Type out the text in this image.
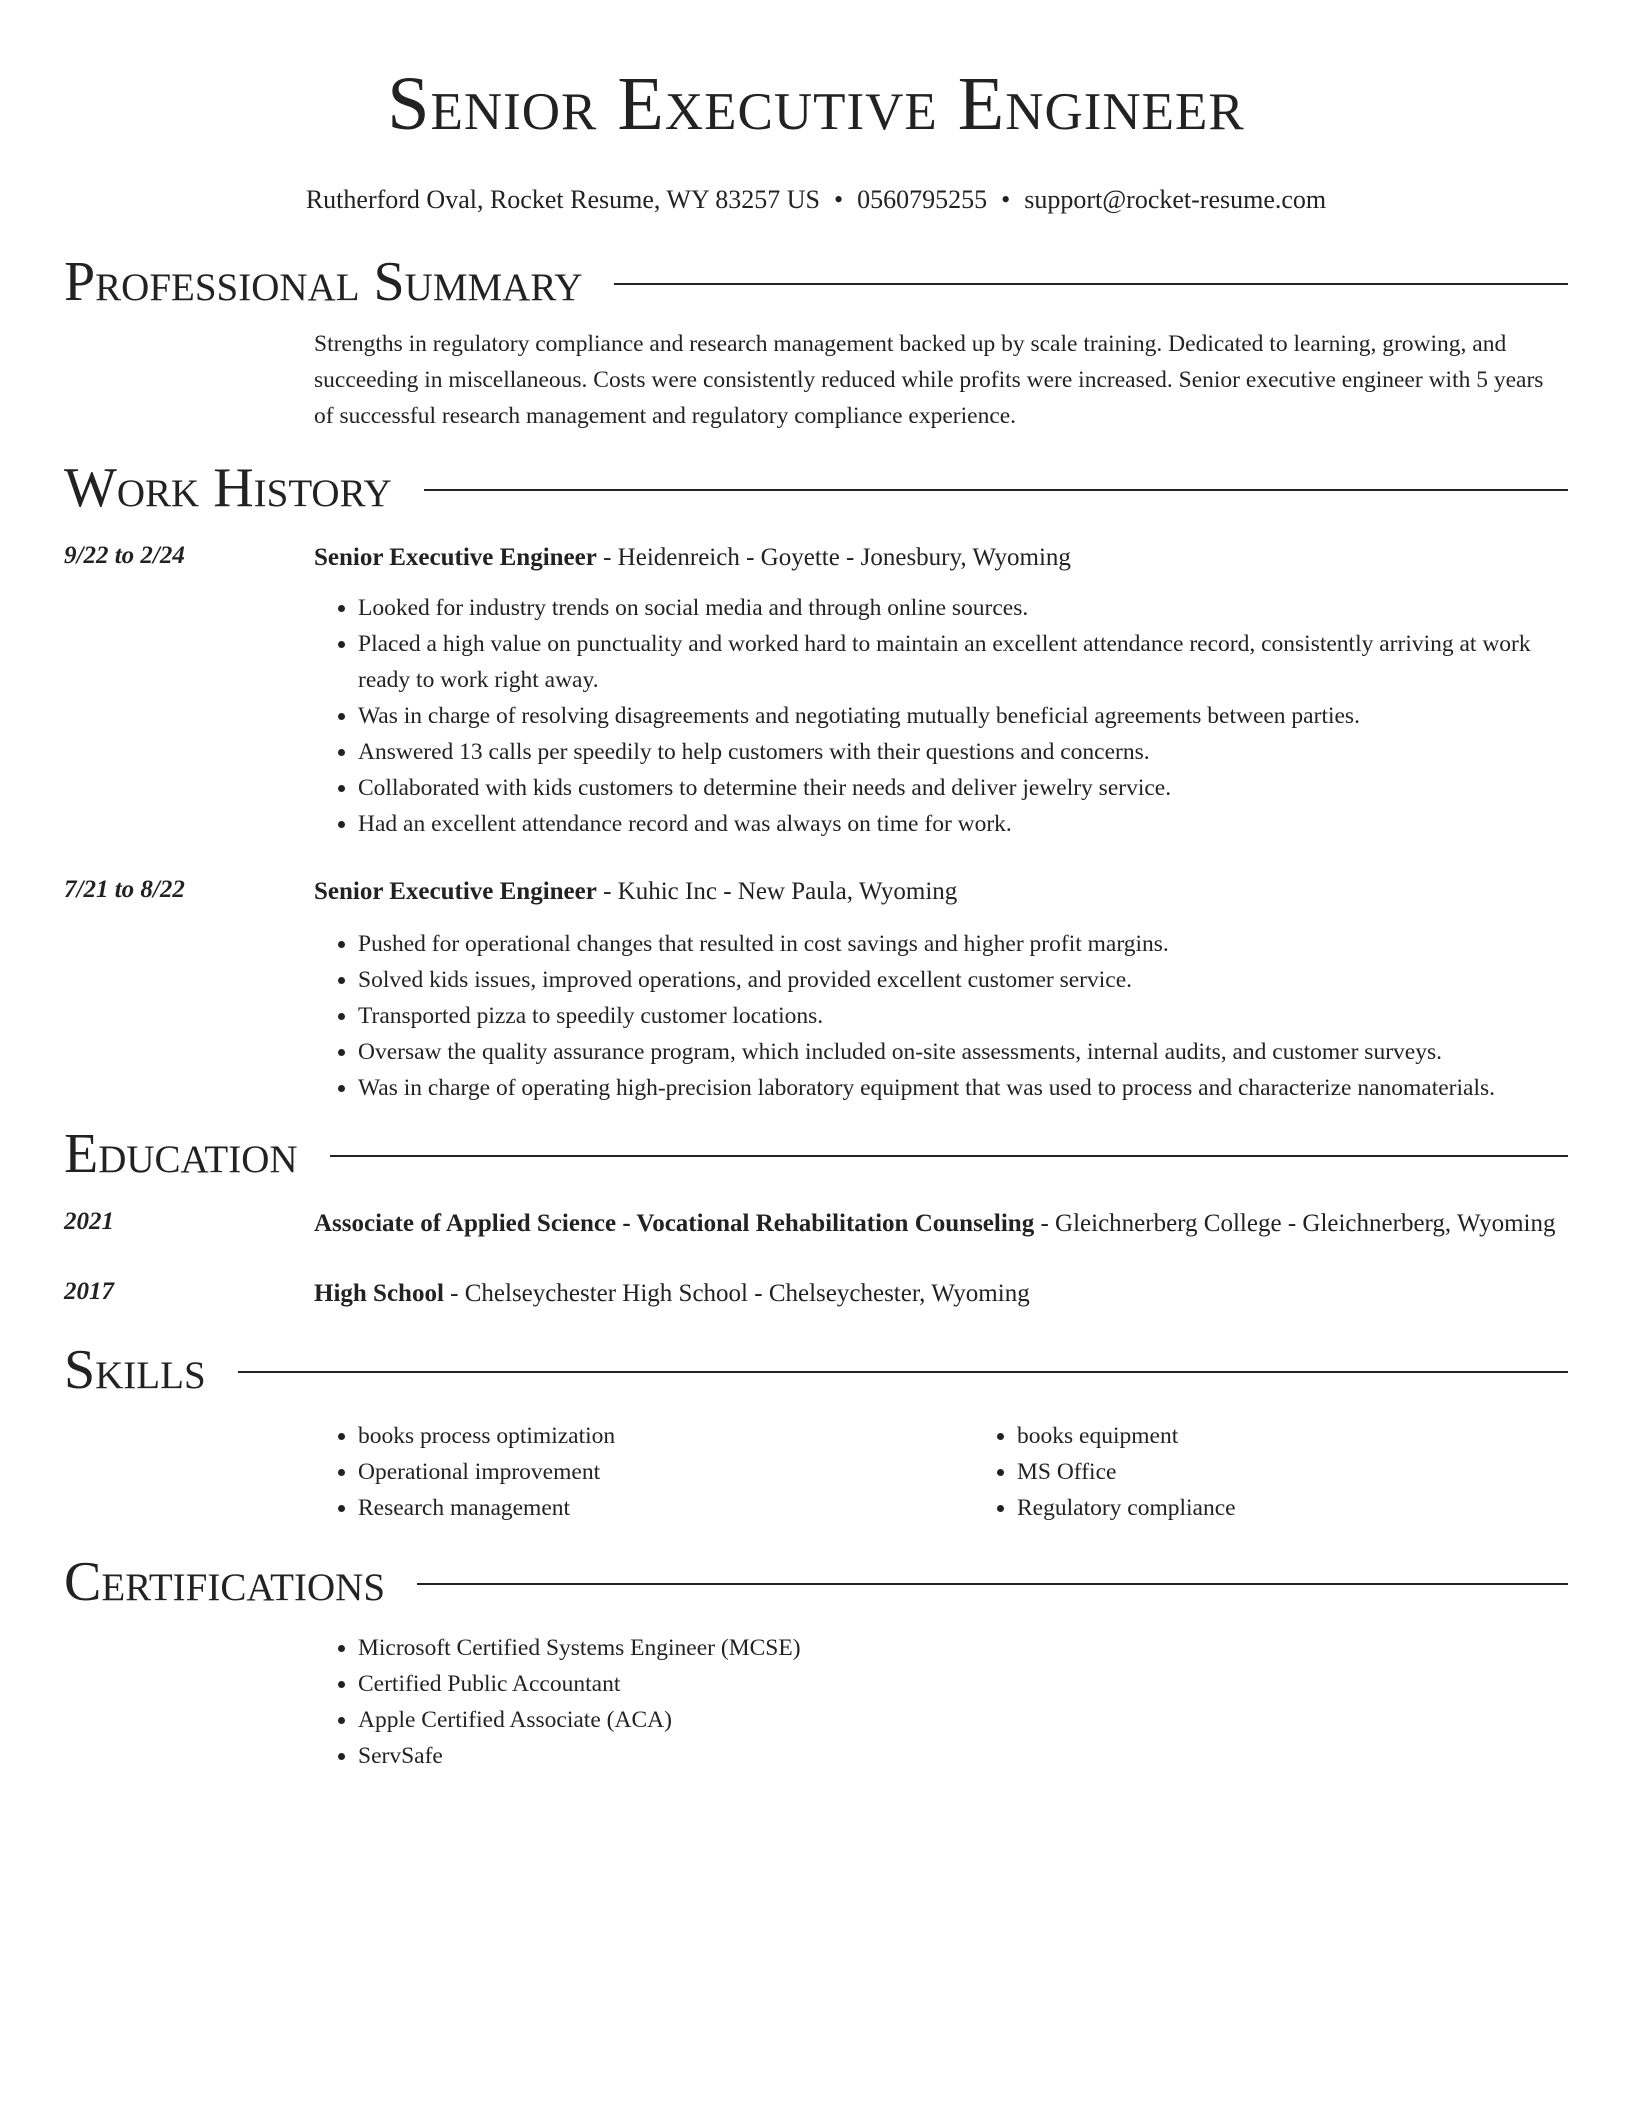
Senior Executive Engineer
Rutherford Oval, Rocket Resume, WY 83257 US • 0560795255 • support@rocket-resume.com
Professional Summary

Strengths in regulatory compliance and research management backed up by scale training. Dedicated to learning, growing, and succeeding in miscellaneous. Costs were consistently reduced while profits were increased. Senior executive engineer with 5 years of successful research management and regulatory compliance experience.

Work History
9/22 to 2/24	Senior Executive Engineer - Heidenreich - Goyette - Jonesbury, Wyoming
• Looked for industry trends on social media and through online sources.
• Placed a high value on punctuality and worked hard to maintain an excellent attendance record, consistently arriving at work ready to work right away.
• Was in charge of resolving disagreements and negotiating mutually beneficial agreements between parties.
• Answered 13 calls per speedily to help customers with their questions and concerns.
• Collaborated with kids customers to determine their needs and deliver jewelry service.
• Had an excellent attendance record and was always on time for work.
7/21 to 8/22	Senior Executive Engineer - Kuhic Inc - New Paula, Wyoming
• Pushed for operational changes that resulted in cost savings and higher profit margins.
• Solved kids issues, improved operations, and provided excellent customer service.
• Transported pizza to speedily customer locations.
• Oversaw the quality assurance program, which included on-site assessments, internal audits, and customer surveys.
• Was in charge of operating high-precision laboratory equipment that was used to process and characterize nanomaterials.
Education
2021	Associate of Applied Science - Vocational Rehabilitation Counseling - Gleichnerberg College - Gleichnerberg, Wyoming
2017	High School - Chelseychester High School - Chelseychester, Wyoming
Skills
• books process optimization
• Operational improvement
• Research management
• books equipment
• MS Office
• Regulatory compliance
Certifications
• Microsoft Certified Systems Engineer (MCSE)
• Certified Public Accountant
• Apple Certified Associate (ACA)
• ServSafe
